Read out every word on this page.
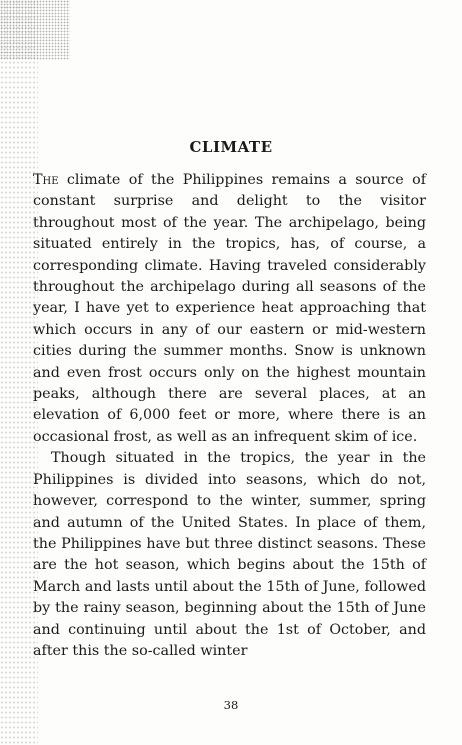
CLIMATE

The climate of the Philippines remains a source of constant surprise and delight to the visitor throughout most of the year. The archipelago, being situated entirely in the tropics, has, of course, a corresponding climate. Having traveled considerably throughout the archipelago during all seasons of the year, I have yet to experience heat approaching that which occurs in any of our eastern or mid-western cities during the summer months. Snow is unknown and even frost occurs only on the highest mountain peaks, although there are several places, at an elevation of 6,000 feet or more, where there is an occasional frost, as well as an infrequent skim of ice.

Though situated in the tropics, the year in the Philippines is divided into seasons, which do not, however, correspond to the winter, summer, spring and autumn of the United States. In place of them, the Philippines have but three distinct seasons. These are the hot season, which begins about the 15th of March and lasts until about the 15th of June, followed by the rainy season, beginning about the 15th of June and continuing until about the 1st of October, and after this the so-called winter

38
